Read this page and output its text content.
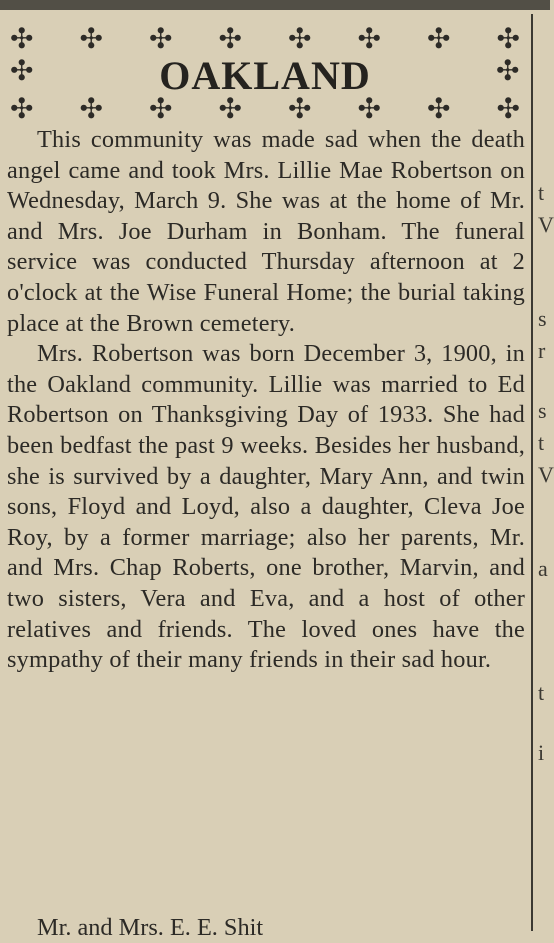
t
V
s
r
s
t
V
a
t
i
✣ ✣ ✣ ✣ ✣ ✣ ✣ ✣
✣	✣
OAKLAND
✣ ✣ ✣ ✣ ✣ ✣ ✣ ✣

This community was made sad when the death angel came and took Mrs. Lillie Mae Robertson on Wednesday, March 9. She was at the home of Mr. and Mrs. Joe Durham in Bonham. The funeral service was conducted Thursday afternoon at 2 o'clock at the Wise Funeral Home; the burial taking place at the Brown cemetery.

Mrs. Robertson was born December 3, 1900, in the Oakland community. Lillie was married to Ed Robertson on Thanksgiving Day of 1933. She had been bedfast the past 9 weeks. Besides her husband, she is survived by a daughter, Mary Ann, and twin sons, Floyd and Loyd, also a daughter, Cleva Joe Roy, by a former marriage; also her parents, Mr. and Mrs. Chap Roberts, one brother, Marvin, and two sisters, Vera and Eva, and a host of other relatives and friends. The loved ones have the sympathy of their many friends in their sad hour.

Mr. and Mrs. E. E. Shit
